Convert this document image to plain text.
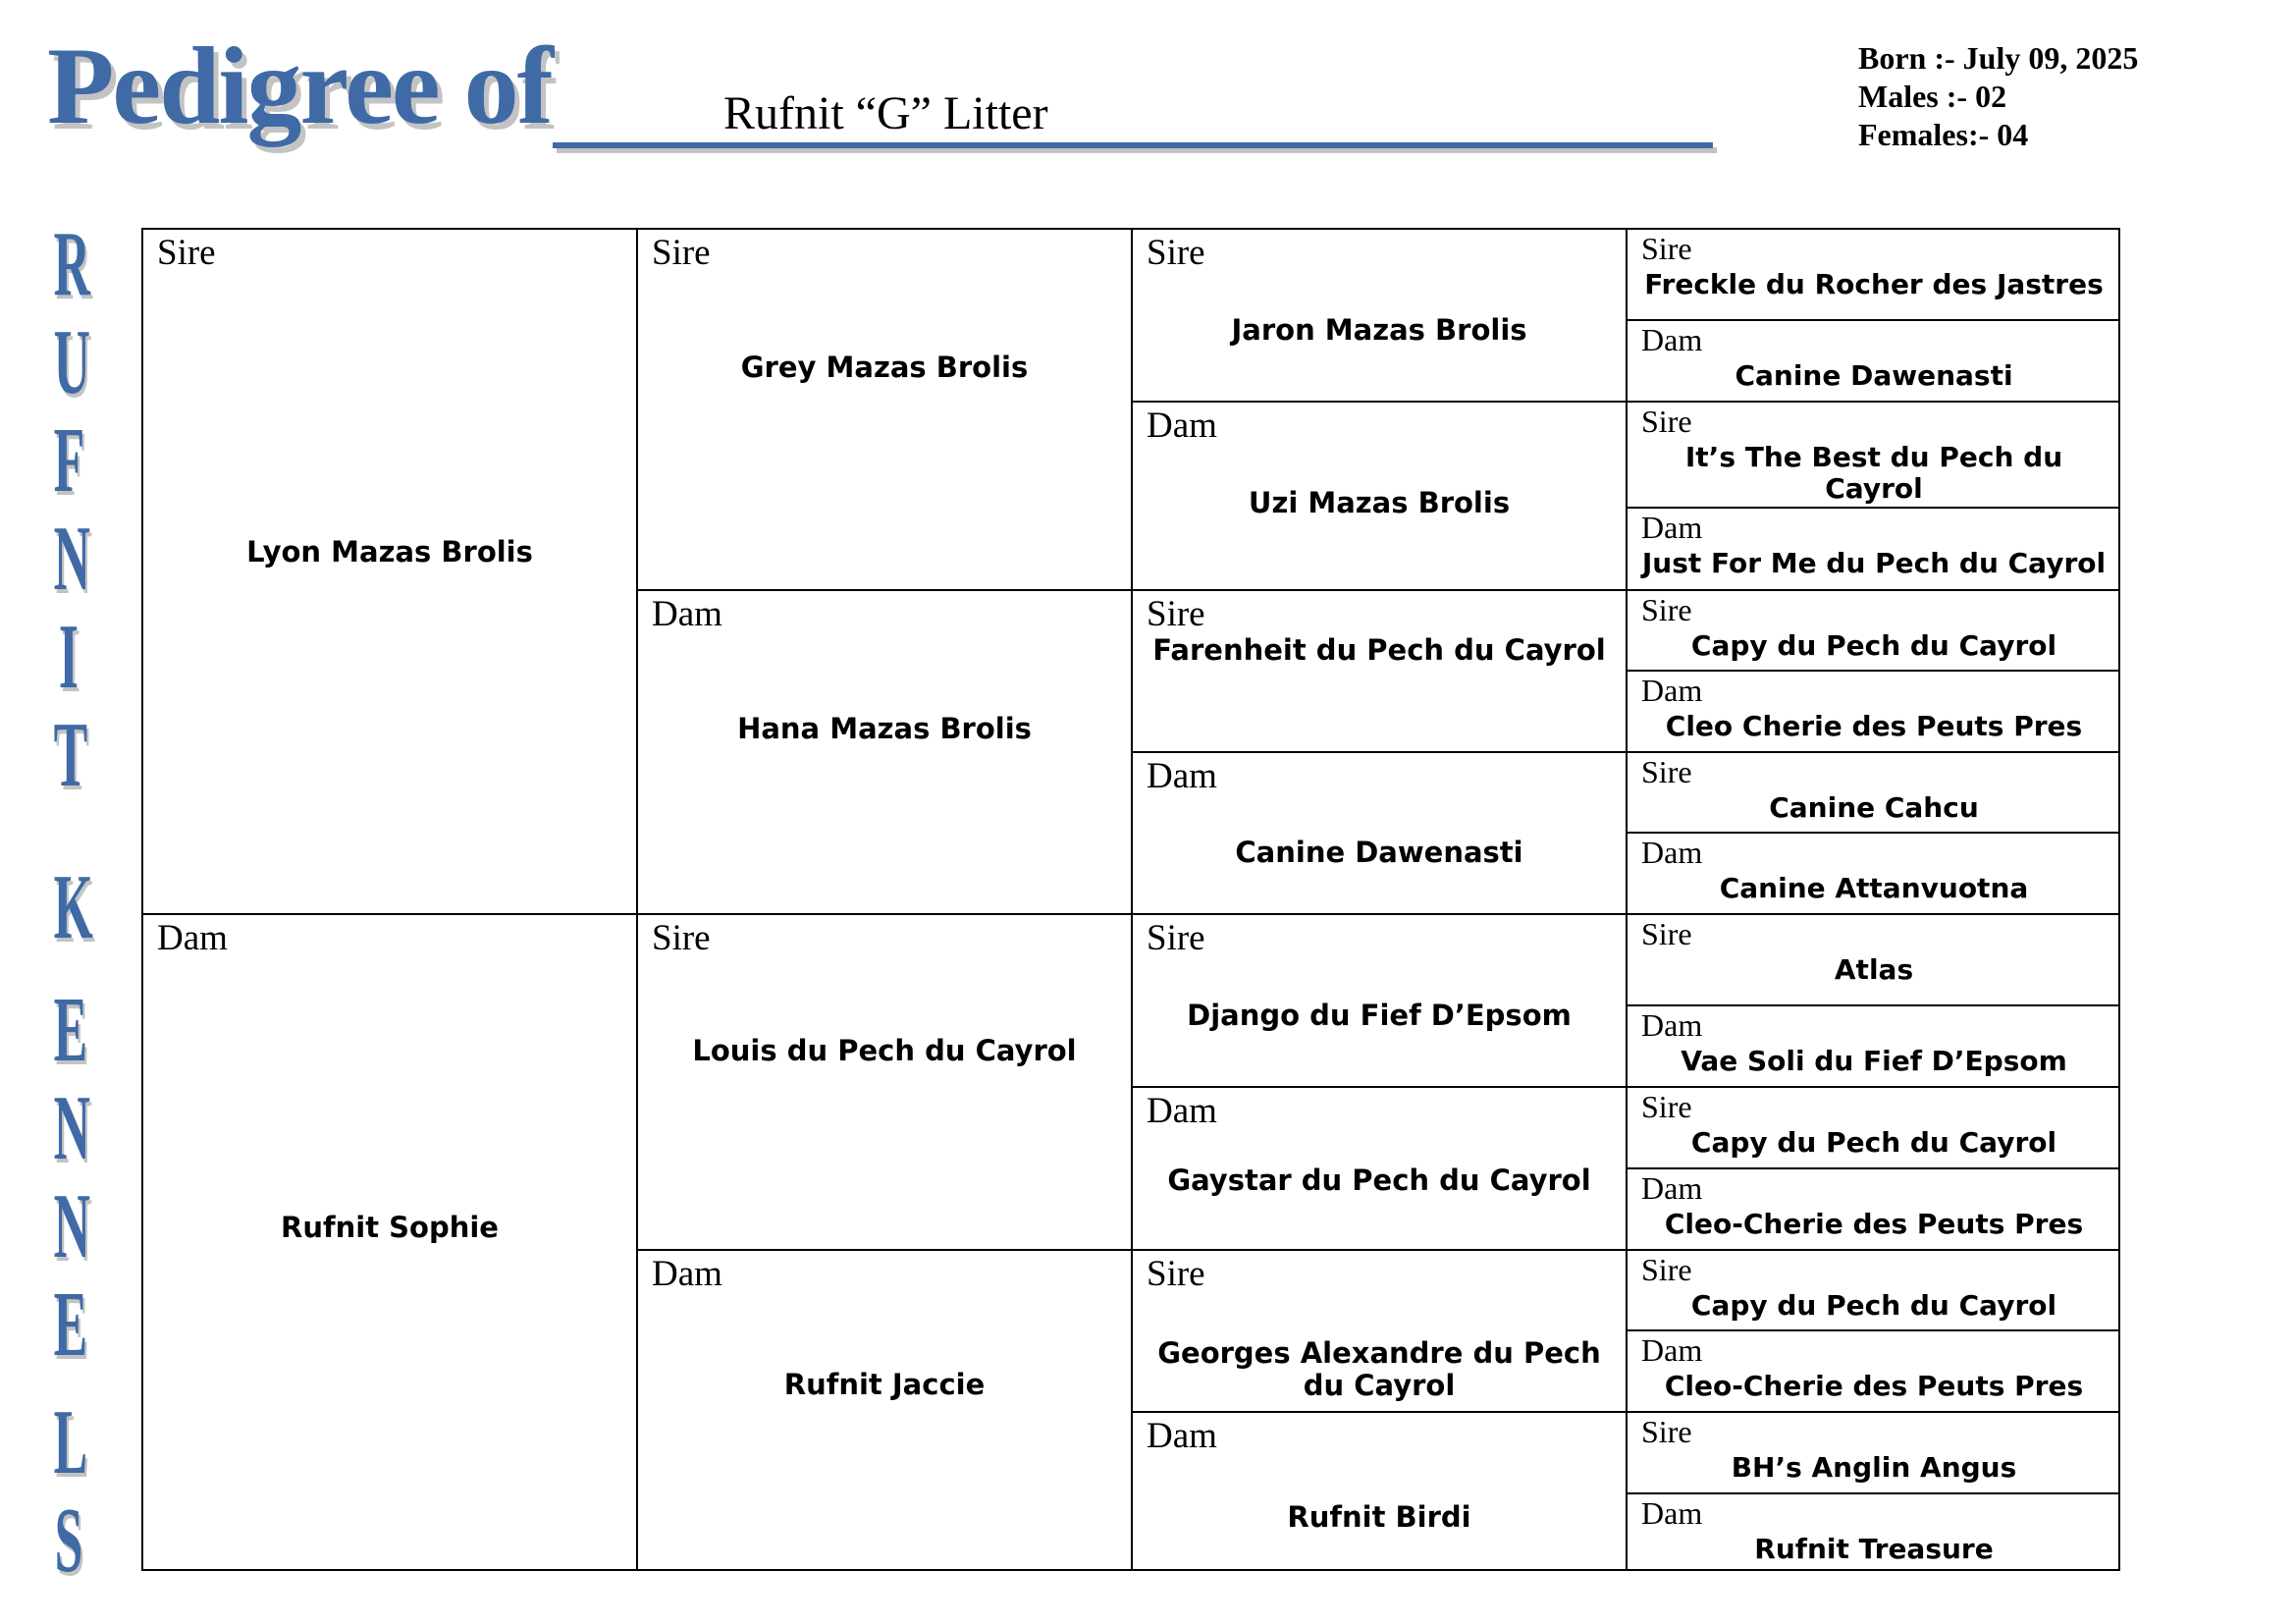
Pedigree of	Rufnit “G” Litter
Born :- July 09, 2025
Males :- 02
Females:- 04
R
U
F
N
I
T
K
E
N
N
E
L
S
Sire
Lyon Mazas Brolis
Dam
Rufnit Sophie
Sire
Grey Mazas Brolis
Dam
Hana Mazas Brolis
Sire
Louis du Pech du Cayrol
Dam
Rufnit Jaccie
Sire
Jaron Mazas Brolis
Dam
Uzi Mazas Brolis
Sire
Farenheit du Pech du Cayrol
Dam
Canine Dawenasti
Sire
Django du Fief D’Epsom
Dam
Gaystar du Pech du Cayrol
Sire
Georges Alexandre du Pech du Cayrol
Dam
Rufnit Birdi
Sire
Freckle du Rocher des Jastres
Dam
Canine Dawenasti
Sire
It’s The Best du Pech du Cayrol
Dam
Just For Me du Pech du Cayrol
Sire
Capy du Pech du Cayrol
Dam
Cleo Cherie des Peuts Pres
Sire
Canine Cahcu
Dam
Canine Attanvuotna
Sire
Atlas
Dam
Vae Soli du Fief D’Epsom
Sire
Capy du Pech du Cayrol
Dam
Cleo-Cherie des Peuts Pres
Sire
Capy du Pech du Cayrol
Dam
Cleo-Cherie des Peuts Pres
Sire
BH’s Anglin Angus
Dam
Rufnit Treasure
